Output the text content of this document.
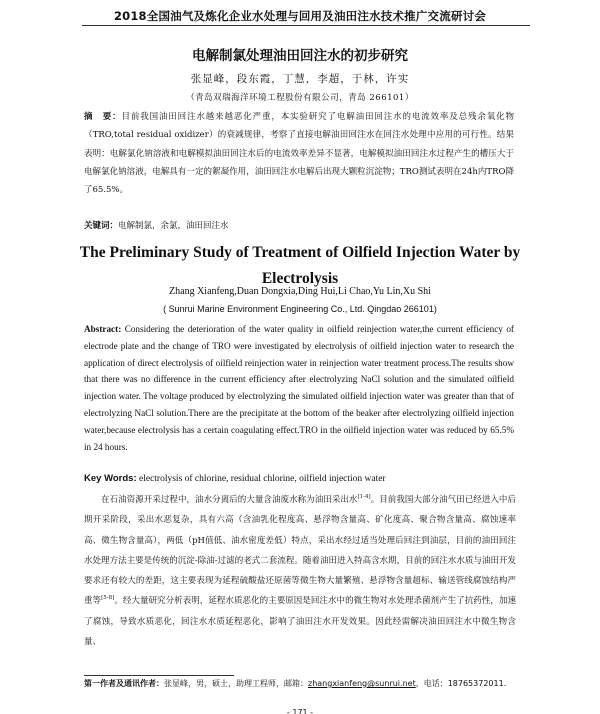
2018全国油气及炼化企业水处理与回用及油田注水技术推广交流研讨会
电解制氯处理油田回注水的初步研究
张显峰，段东霞，丁慧，李超，于林，许实
（青岛双瑞海洋环境工程股份有限公司，青岛 266101）
摘　要：目前我国油田回注水越来越恶化严重，本实验研究了电解油田回注水的电流效率及总残余氧化物（TRO,total residual oxidizer）的衰减规律，考察了直接电解油田回注水在回注水处理中应用的可行性。结果表明：电解氯化钠溶液和电解模拟油田回注水后的电流效率差异不显著，电解模拟油田回注水过程产生的槽压大于电解氯化钠溶液，电解具有一定的絮凝作用，油田回注水电解后出现大颗粒沉淀物；TRO测试表明在24h内TRO降了65.5%。
关键词：电解制氯，余氯，油田回注水
The Preliminary Study of Treatment of Oilfield Injection Water by Electrolysis
Zhang Xianfeng,Duan Dongxia,Ding Hui,Li Chao,Yu Lin,Xu Shi
( Sunrui Marine Environment Engineering Co., Ltd. Qingdao 266101)
Abstract: Considering the deterioration of the water quality in oilfield reinjection water,the current efficiency of electrode plate and the change of TRO were investigated by electrolysis of oilfield injection water to research the application of direct electrolysis of oilfield reinjection water in reinjection water treatment process.The results show that there was no difference in the current efficiency after electrolyzing NaCl solution and the simulated oilfield injection water. The voltage produced by electrolyzing the simulated oilfield injection water was greater than that of electrolyzing NaCl solution.There are the precipitate at the bottom of the beaker after electrolyzing oilfield injection water,because electrolysis has a certain coagulating effect.TRO in the oilfield injection water was reduced by 65.5% in 24 hours.
Key Words: electrolysis of chlorine, residual chlorine, oilfield injection water
在石油资源开采过程中，油水分离后的大量含油废水称为油田采出水[1-4]。目前我国大部分油气田已经进入中后期开采阶段，采出水恶复杂，具有六高（含油乳化程度高、悬浮物含量高、矿化度高、聚合物含量高、腐蚀速率高、微生物含量高），两低（pH值低、油水密度差低）特点，采出水经过适当处理后回注到油层，目前的油田回注水处理方法主要是传统的沉淀-除油-过滤的老式二套流程。随着油田进入特高含水期，目前的回注水水质与油田开发要求还有较大的差距，这主要表现为延程硫酸盐还原菌等微生物大量繁殖、悬浮物含量超标、输送管线腐蚀结构严重等[5-8]。经大量研究分析表明，延程水质恶化的主要原因是回注水中的微生物对水处理杀菌剂产生了抗药性，加速了腐蚀，导致水质恶化，回注水水质延程恶化，影响了油田注水开发效果。因此经需解决油田回注水中微生物含量、
第一作者及通讯作者：张显峰，男，硕士，助理工程师，邮箱：zhangxianfeng@sunrui.net，电话：18765372011.
- 171 -
